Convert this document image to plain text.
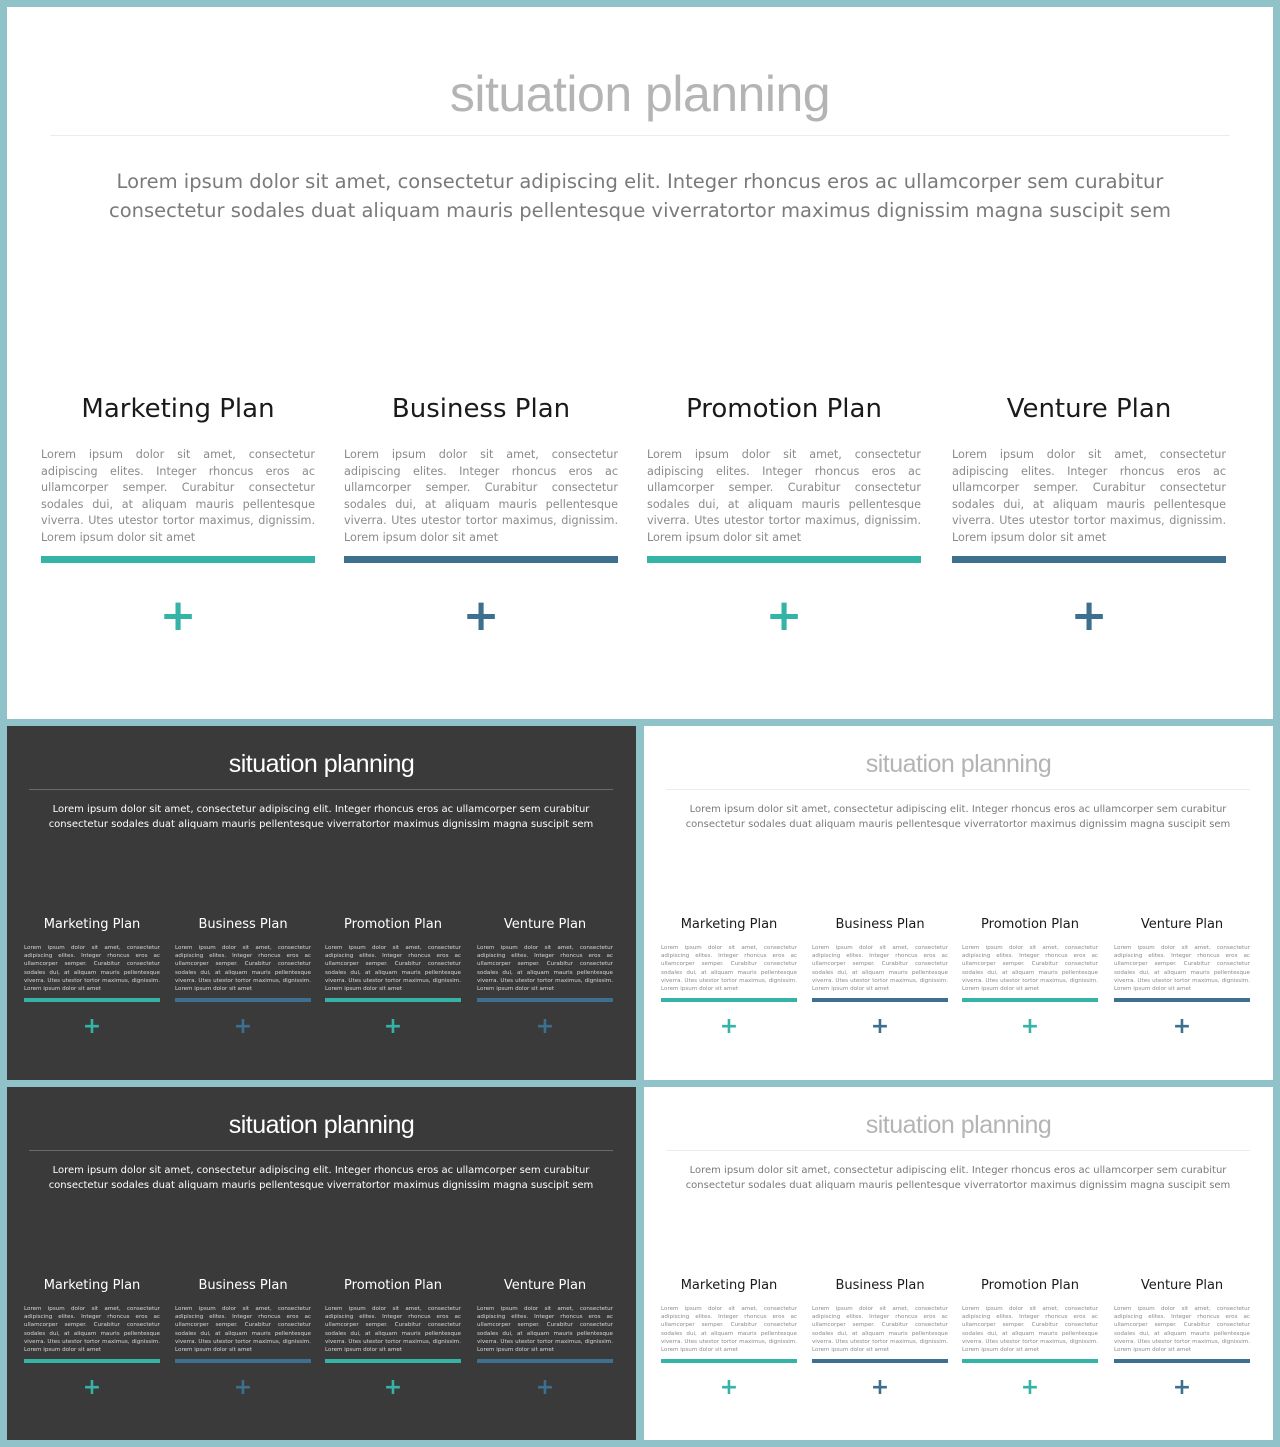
situation planning
Lorem ipsum dolor sit amet, consectetur adipiscing elit. Integer rhoncus eros ac ullamcorper sem curabitur consectetur sodales duat aliquam mauris pellentesque viverratortor maximus dignissim magna suscipit sem
Marketing Plan
Lorem ipsum dolor sit amet, consectetur adipiscing elites. Integer rhoncus eros ac ullamcorper semper. Curabitur consectetur sodales dui, at aliquam mauris pellentesque viverra. Utes utestor tortor maximus, dignissim. Lorem ipsum dolor sit amet
+
Business Plan
Lorem ipsum dolor sit amet, consectetur adipiscing elites. Integer rhoncus eros ac ullamcorper semper. Curabitur consectetur sodales dui, at aliquam mauris pellentesque viverra. Utes utestor tortor maximus, dignissim. Lorem ipsum dolor sit amet
+
Promotion Plan
Lorem ipsum dolor sit amet, consectetur adipiscing elites. Integer rhoncus eros ac ullamcorper semper. Curabitur consectetur sodales dui, at aliquam mauris pellentesque viverra. Utes utestor tortor maximus, dignissim. Lorem ipsum dolor sit amet
+
Venture Plan
Lorem ipsum dolor sit amet, consectetur adipiscing elites. Integer rhoncus eros ac ullamcorper semper. Curabitur consectetur sodales dui, at aliquam mauris pellentesque viverra. Utes utestor tortor maximus, dignissim. Lorem ipsum dolor sit amet
+
situation planning
Lorem ipsum dolor sit amet, consectetur adipiscing elit. Integer rhoncus eros ac ullamcorper sem curabitur consectetur sodales duat aliquam mauris pellentesque viverratortor maximus dignissim magna suscipit sem
Marketing Plan
Lorem ipsum dolor sit amet, consectetur adipiscing elites. Integer rhoncus eros ac ullamcorper semper. Curabitur consectetur sodales dui, at aliquam mauris pellentesque viverra. Utes utestor tortor maximus, dignissim. Lorem ipsum dolor sit amet
+
Business Plan
Lorem ipsum dolor sit amet, consectetur adipiscing elites. Integer rhoncus eros ac ullamcorper semper. Curabitur consectetur sodales dui, at aliquam mauris pellentesque viverra. Utes utestor tortor maximus, dignissim. Lorem ipsum dolor sit amet
+
Promotion Plan
Lorem ipsum dolor sit amet, consectetur adipiscing elites. Integer rhoncus eros ac ullamcorper semper. Curabitur consectetur sodales dui, at aliquam mauris pellentesque viverra. Utes utestor tortor maximus, dignissim. Lorem ipsum dolor sit amet
+
Venture Plan
Lorem ipsum dolor sit amet, consectetur adipiscing elites. Integer rhoncus eros ac ullamcorper semper. Curabitur consectetur sodales dui, at aliquam mauris pellentesque viverra. Utes utestor tortor maximus, dignissim. Lorem ipsum dolor sit amet
+
situation planning
Lorem ipsum dolor sit amet, consectetur adipiscing elit. Integer rhoncus eros ac ullamcorper sem curabitur consectetur sodales duat aliquam mauris pellentesque viverratortor maximus dignissim magna suscipit sem
Marketing Plan
Lorem ipsum dolor sit amet, consectetur adipiscing elites. Integer rhoncus eros ac ullamcorper semper. Curabitur consectetur sodales dui, at aliquam mauris pellentesque viverra. Utes utestor tortor maximus, dignissim. Lorem ipsum dolor sit amet
+
Business Plan
Lorem ipsum dolor sit amet, consectetur adipiscing elites. Integer rhoncus eros ac ullamcorper semper. Curabitur consectetur sodales dui, at aliquam mauris pellentesque viverra. Utes utestor tortor maximus, dignissim. Lorem ipsum dolor sit amet
+
Promotion Plan
Lorem ipsum dolor sit amet, consectetur adipiscing elites. Integer rhoncus eros ac ullamcorper semper. Curabitur consectetur sodales dui, at aliquam mauris pellentesque viverra. Utes utestor tortor maximus, dignissim. Lorem ipsum dolor sit amet
+
Venture Plan
Lorem ipsum dolor sit amet, consectetur adipiscing elites. Integer rhoncus eros ac ullamcorper semper. Curabitur consectetur sodales dui, at aliquam mauris pellentesque viverra. Utes utestor tortor maximus, dignissim. Lorem ipsum dolor sit amet
+
situation planning
Lorem ipsum dolor sit amet, consectetur adipiscing elit. Integer rhoncus eros ac ullamcorper sem curabitur consectetur sodales duat aliquam mauris pellentesque viverratortor maximus dignissim magna suscipit sem
Marketing Plan
Lorem ipsum dolor sit amet, consectetur adipiscing elites. Integer rhoncus eros ac ullamcorper semper. Curabitur consectetur sodales dui, at aliquam mauris pellentesque viverra. Utes utestor tortor maximus, dignissim. Lorem ipsum dolor sit amet
+
Business Plan
Lorem ipsum dolor sit amet, consectetur adipiscing elites. Integer rhoncus eros ac ullamcorper semper. Curabitur consectetur sodales dui, at aliquam mauris pellentesque viverra. Utes utestor tortor maximus, dignissim. Lorem ipsum dolor sit amet
+
Promotion Plan
Lorem ipsum dolor sit amet, consectetur adipiscing elites. Integer rhoncus eros ac ullamcorper semper. Curabitur consectetur sodales dui, at aliquam mauris pellentesque viverra. Utes utestor tortor maximus, dignissim. Lorem ipsum dolor sit amet
+
Venture Plan
Lorem ipsum dolor sit amet, consectetur adipiscing elites. Integer rhoncus eros ac ullamcorper semper. Curabitur consectetur sodales dui, at aliquam mauris pellentesque viverra. Utes utestor tortor maximus, dignissim. Lorem ipsum dolor sit amet
+
situation planning
Lorem ipsum dolor sit amet, consectetur adipiscing elit. Integer rhoncus eros ac ullamcorper sem curabitur consectetur sodales duat aliquam mauris pellentesque viverratortor maximus dignissim magna suscipit sem
Marketing Plan
Lorem ipsum dolor sit amet, consectetur adipiscing elites. Integer rhoncus eros ac ullamcorper semper. Curabitur consectetur sodales dui, at aliquam mauris pellentesque viverra. Utes utestor tortor maximus, dignissim. Lorem ipsum dolor sit amet
+
Business Plan
Lorem ipsum dolor sit amet, consectetur adipiscing elites. Integer rhoncus eros ac ullamcorper semper. Curabitur consectetur sodales dui, at aliquam mauris pellentesque viverra. Utes utestor tortor maximus, dignissim. Lorem ipsum dolor sit amet
+
Promotion Plan
Lorem ipsum dolor sit amet, consectetur adipiscing elites. Integer rhoncus eros ac ullamcorper semper. Curabitur consectetur sodales dui, at aliquam mauris pellentesque viverra. Utes utestor tortor maximus, dignissim. Lorem ipsum dolor sit amet
+
Venture Plan
Lorem ipsum dolor sit amet, consectetur adipiscing elites. Integer rhoncus eros ac ullamcorper semper. Curabitur consectetur sodales dui, at aliquam mauris pellentesque viverra. Utes utestor tortor maximus, dignissim. Lorem ipsum dolor sit amet
+
